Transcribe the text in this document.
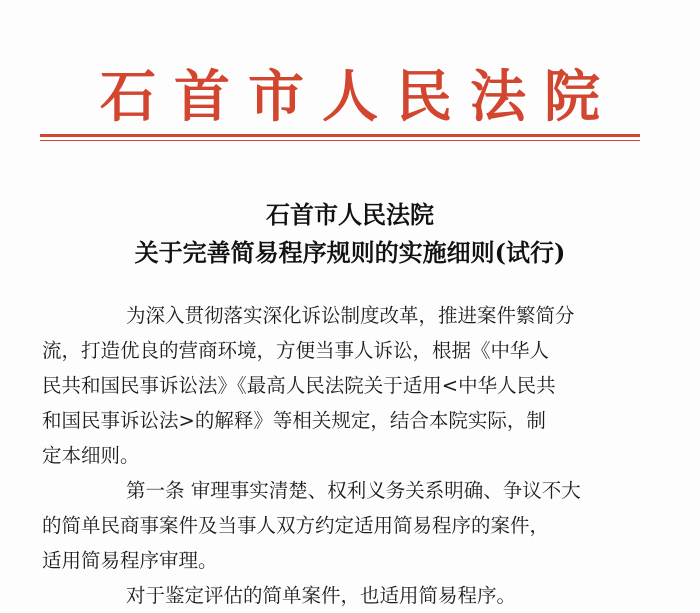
石首市人民法院
石首市人民法院
关于完善简易程序规则的实施细则(试行)
为深入贯彻落实深化诉讼制度改革，推进案件繁简分
流，打造优良的营商环境，方便当事人诉讼，根据《中华人
民共和国民事诉讼法》《最高人民法院关于适用<中华人民共
和国民事诉讼法>的解释》等相关规定，结合本院实际，制
定本细则。
第一条 审理事实清楚、权利义务关系明确、争议不大
的简单民商事案件及当事人双方约定适用简易程序的案件，
适用简易程序审理。
对于鉴定评估的简单案件，也适用简易程序。
